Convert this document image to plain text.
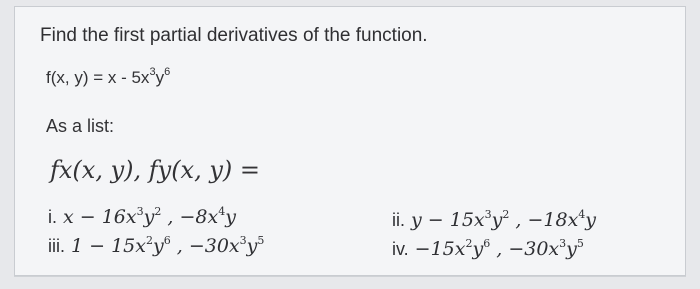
Find the first partial derivatives of the function.
f(x, $y) = x - 5x^3y^6$
As a list:
fx(x, y), fy(x, y) =
i. $x - 16x^3y^2$ , $-8x^4y$	ii. $y - 15x^3y^2$ , $-18x^4y$
iii. $1 - 15x^2y^6$ , $-30x^3y^5$	iv. $-15x^2y^6$ , $-30x^3y^5$
